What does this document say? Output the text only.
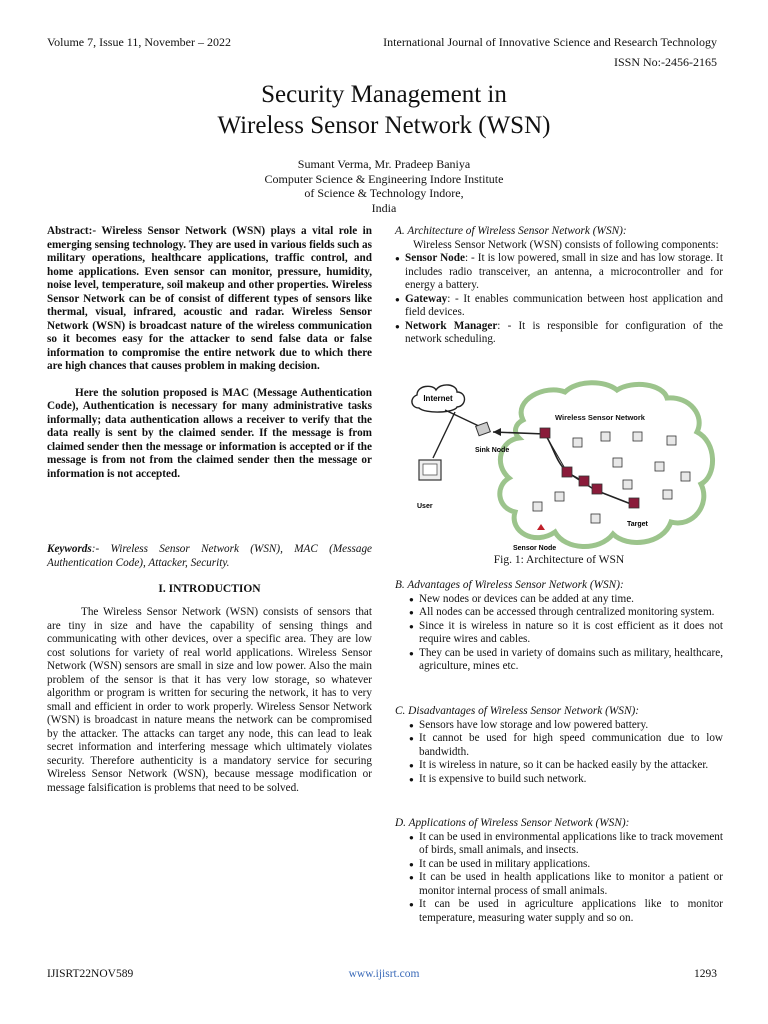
Volume 7, Issue 11, November – 2022	International Journal of Innovative Science and Research Technology
ISSN No:-2456-2165
Security Management in
Wireless Sensor Network (WSN)
Sumant Verma, Mr. Pradeep Baniya
Computer Science & Engineering Indore Institute
of Science & Technology Indore,
India

Abstract:- Wireless Sensor Network (WSN) plays a vital role in emerging sensing technology. They are used in various fields such as military operations, healthcare applications, traffic control, and home applications. Even sensor can monitor, pressure, humidity, noise level, temperature, soil makeup and other properties. Wireless Sensor Network can be of consist of different types of sensors like thermal, visual, infrared, acoustic and radar. Wireless Sensor Network (WSN) is broadcast nature of the wireless communication so it becomes easy for the attacker to send false data or false information to compromise the entire network due to which there are high chances that causes problem in making decision.

Here the solution proposed is MAC (Message Authentication Code), Authentication is necessary for many administrative tasks informally; data authentication allows a receiver to verify that the data really is sent by the claimed sender. If the message is from claimed sender then the message or information is accepted or if the message is from not from the claimed sender then the message or information is not accepted.

Keywords:- Wireless Sensor Network (WSN), MAC (Message Authentication Code), Attacker, Security.
I. INTRODUCTION

The Wireless Sensor Network (WSN) consists of sensors that are tiny in size and have the capability of sensing things and communicating with other devices, over a specific area. They are low cost solutions for variety of real world applications. Wireless Sensor Network (WSN) sensors are small in size and low power. Also the main problem of the sensor is that it has very low storage, so whatever algorithm or program is written for securing the network, it has to very small and efficient in order to work properly. Wireless Sensor Network (WSN) is broadcast in nature means the network can be compromised by the attacker. The attacks can target any node, this can lead to leak secret information and interfering message which ultimately violates security. Therefore authenticity is a mandatory service for securing Wireless Sensor Network (WSN), because message modification or message falsification is problems that need to be solved.

A. Architecture of Wireless Sensor Network (WSN):

Wireless Sensor Network (WSN) consists of following components:

● Sensor Node: - It is low powered, small in size and has low storage. It includes radio transceiver, an antenna, a microcontroller and for energy a battery.
● Gateway: - It enables communication between host application and field devices.
● Network Manager: - It is responsible for configuration of the network scheduling.
Internet
Wireless Sensor Network
Sink Node
User
Target
Sensor Node
Fig. 1: Architecture of WSN
B. Advantages of Wireless Sensor Network (WSN):
● New nodes or devices can be added at any time.
● All nodes can be accessed through centralized monitoring system.
● Since it is wireless in nature so it is cost efficient as it does not require wires and cables.
● They can be used in variety of domains such as military, healthcare, agriculture, mines etc.
C. Disadvantages of Wireless Sensor Network (WSN):
● Sensors have low storage and low powered battery.
● It cannot be used for high speed communication due to low bandwidth.
● It is wireless in nature, so it can be hacked easily by the attacker.
● It is expensive to build such network.
D. Applications of Wireless Sensor Network (WSN):
● It can be used in environmental applications like to track movement of birds, small animals, and insects.
● It can be used in military applications.
● It can be used in health applications like to monitor a patient or monitor internal process of small animals.
● It can be used in agriculture applications like to monitor temperature, measuring water supply and so on.
IJISRT22NOV589	www.ijisrt.com	1293
